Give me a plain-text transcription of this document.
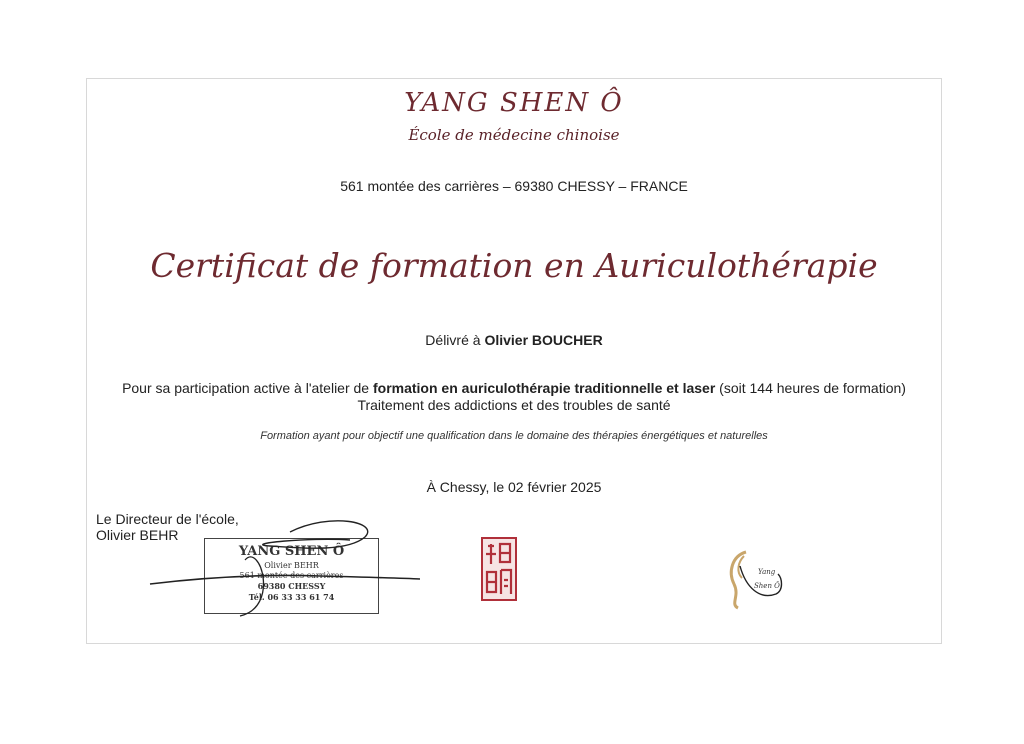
YANG SHEN Ô
École de médecine chinoise
561 montée des carrières – 69380 CHESSY – FRANCE
Certificat de formation en Auriculothérapie
Délivré à Olivier BOUCHER
Pour sa participation active à l'atelier de formation en auriculothérapie traditionnelle et laser (soit 144 heures de formation)
Traitement des addictions et des troubles de santé
Formation ayant pour objectif une qualification dans le domaine des thérapies énergétiques et naturelles
À Chessy, le 02 février 2025
Le Directeur de l'école,
Olivier BEHR
YANG SHEN Ô
Olivier BEHR
561 montée des carrières
69380 CHESSY
Tél. 06 33 33 61 74
Yang
Shen Ô
